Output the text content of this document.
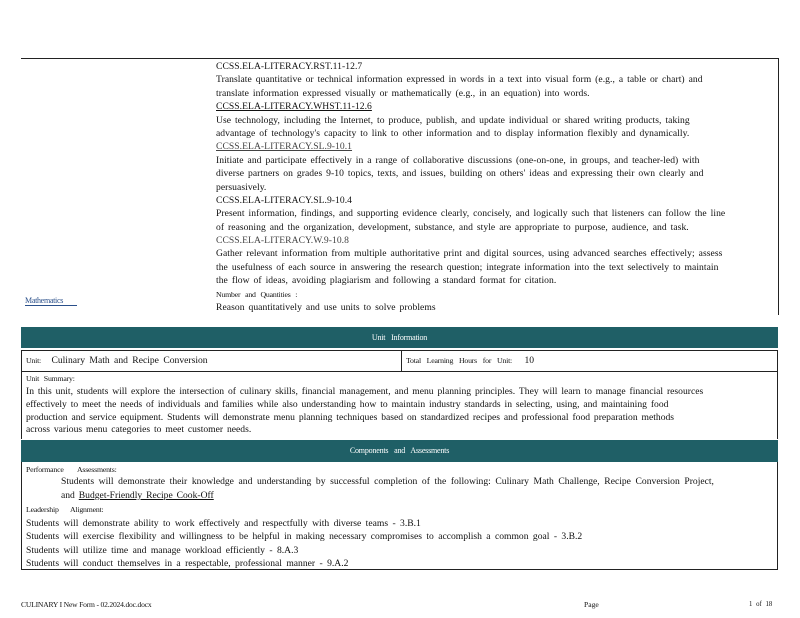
CCSS.ELA-LITERACY.RST.11-12.7
Translate quantitative or technical information expressed in words in a text into visual form (e.g., a table or chart) and
translate information expressed visually or mathematically (e.g., in an equation) into words.
CCSS.ELA-LITERACY.WHST.11-12.6
Use technology, including the Internet, to produce, publish, and update individual or shared writing products, taking
advantage of technology's capacity to link to other information and to display information flexibly and dynamically.
CCSS.ELA-LITERACY.SL.9-10.1
Initiate and participate effectively in a range of collaborative discussions (one-on-one, in groups, and teacher-led) with
diverse partners on grades 9-10 topics, texts, and issues, building on others' ideas and expressing their own clearly and
persuasively.
CCSS.ELA-LITERACY.SL.9-10.4
Present information, findings, and supporting evidence clearly, concisely, and logically such that listeners can follow the line
of reasoning and the organization, development, substance, and style are appropriate to purpose, audience, and task.
CCSS.ELA-LITERACY.W.9-10.8
Gather relevant information from multiple authoritative print and digital sources, using advanced searches effectively; assess
the usefulness of each source in answering the research question; integrate information into the text selectively to maintain
the flow of ideas, avoiding plagiarism and following a standard format for citation.
Number and Quantities :
Reason quantitatively and use units to solve problems
Mathematics
Unit Information
Unit: Culinary Math and Recipe Conversion	Total Learning Hours for Unit: 10
Unit Summary:
In this unit, students will explore the intersection of culinary skills, financial management, and menu planning principles. They will learn to manage financial resources
effectively to meet the needs of individuals and families while also understanding how to maintain industry standards in selecting, using, and maintaining food
production and service equipment. Students will demonstrate menu planning techniques based on standardized recipes and professional food preparation methods
across various menu categories to meet customer needs.
Components and Assessments
Performance Assessments:
Students will demonstrate their knowledge and understanding by successful completion of the following: Culinary Math Challenge, Recipe Conversion Project,
and Budget-Friendly Recipe Cook-Off
Leadership Alignment:
Students will demonstrate ability to work effectively and respectfully with diverse teams - 3.B.1
Students will exercise flexibility and willingness to be helpful in making necessary compromises to accomplish a common goal - 3.B.2
Students will utilize time and manage workload efficiently - 8.A.3
Students will conduct themselves in a respectable, professional manner - 9.A.2
CULINARY I New Form - 02.2024.doc.docx	Page	1 of 18
